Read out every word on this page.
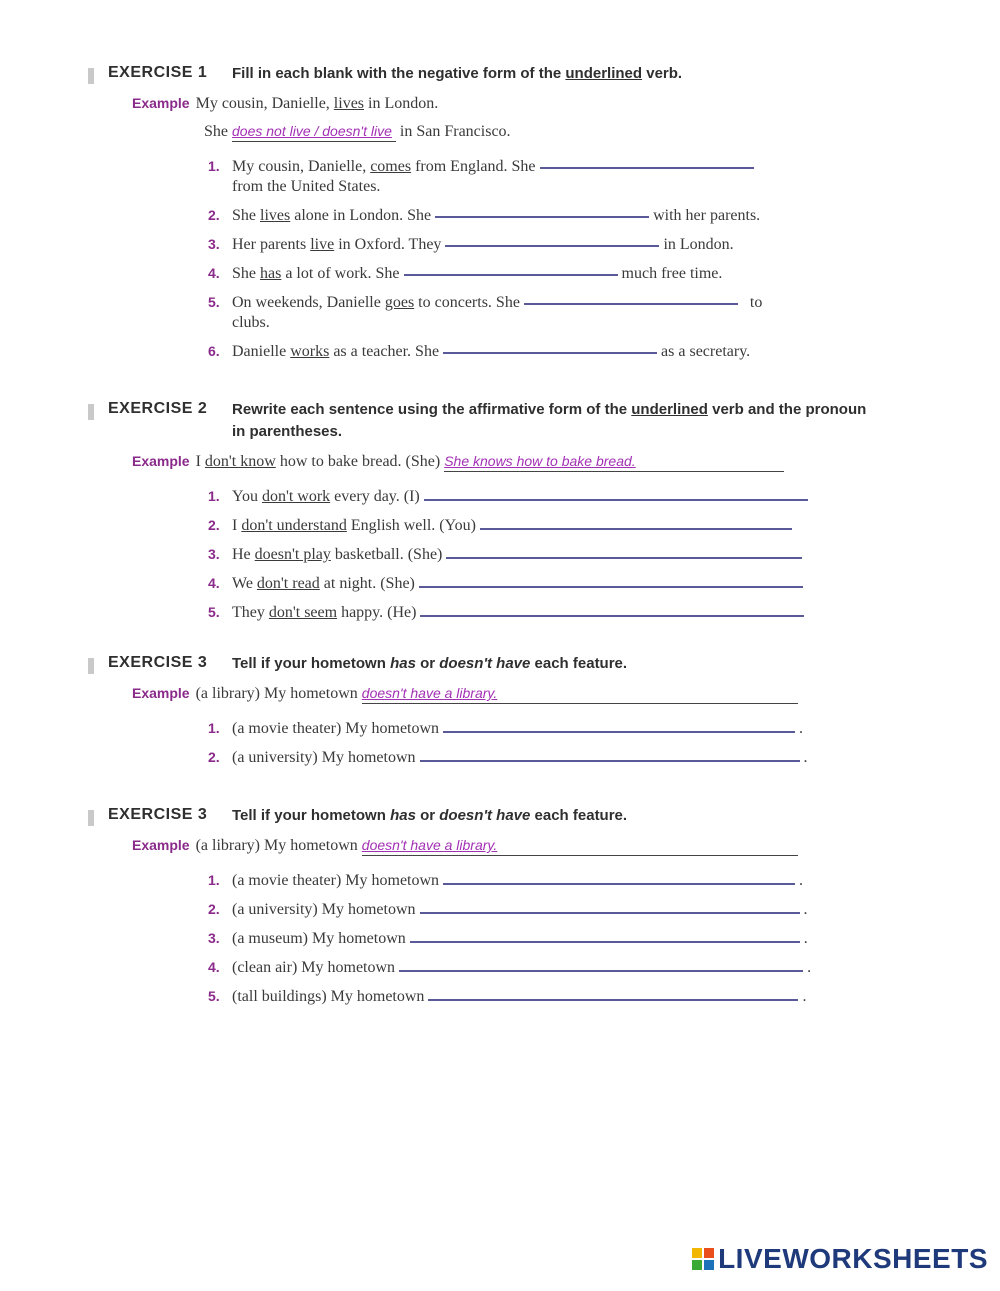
EXERCISE 1	Fill in each blank with the negative form of the underlined verb.
Example My cousin, Danielle, lives in London.
She does not live / doesn't live  in San Francisco.
1. My cousin, Danielle, comes from England. She
from the United States.
2. She lives alone in London. She	with her parents.
3. Her parents live in Oxford. They	in London.
4. She has a lot of work. She	much free time.
5. On weekends, Danielle goes to concerts. She	to
clubs.
6. Danielle works as a teacher. She	as a secretary.
EXERCISE 2	Rewrite each sentence using the affirmative form of the underlined verb and the pronoun in parentheses.
Example I don't know how to bake bread. (She) She knows how to bake bread.
1. You don't work every day. (I)
2. I don't understand English well. (You)
3. He doesn't play basketball. (She)
4. We don't read at night. (She)
5. They don't seem happy. (He)
EXERCISE 3	Tell if your hometown has or doesn't have each feature.
Example (a library) My hometown doesn't have a library.
1. (a movie theater) My hometown	.
2. (a university) My hometown	.
EXERCISE 3	Tell if your hometown has or doesn't have each feature.
Example (a library) My hometown doesn't have a library.
1. (a movie theater) My hometown	.
2. (a university) My hometown	.
3. (a museum) My hometown	.
4. (clean air) My hometown	.
5. (tall buildings) My hometown	.
LIVEWORKSHEETS
